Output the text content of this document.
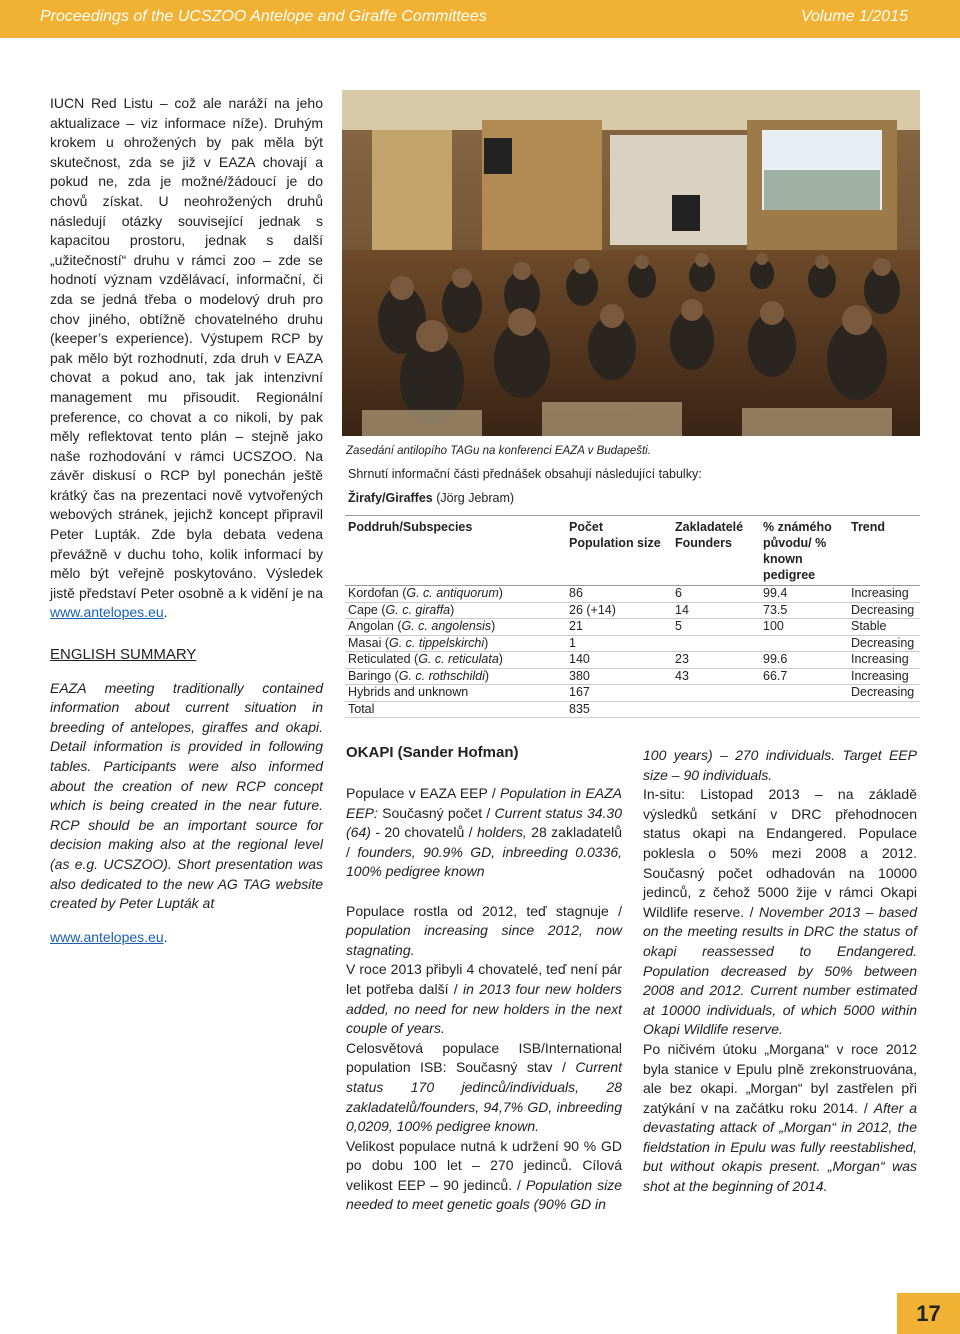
Proceedings of the UCSZOO Antelope and Giraffe Committees	Volume 1/2015

IUCN Red Listu – což ale naráží na jeho aktualizace – viz informace níže). Druhým krokem u ohrožených by pak měla být skutečnost, zda se již v EAZA chovají a pokud ne, zda je možné/žádoucí je do chovů získat. U neohrožených druhů následují otázky související jednak s kapacitou prostoru, jednak s další „užitečností“ druhu v rámci zoo – zde se hodnotí význam vzdělávací, informační, či zda se jedná třeba o modelový druh pro chov jiného, obtížně chovatelného druhu (keeper’s experience). Výstupem RCP by pak mělo být rozhodnutí, zda druh v EAZA chovat a pokud ano, tak jak intenzivní management mu přisoudit. Regionální preference, co chovat a co nikoli, by pak měly reflektovat tento plán – stejně jako naše rozhodování v rámci UCSZOO. Na závěr diskusí o RCP byl ponechán ještě krátký čas na prezentaci nově vytvořených webových stránek, jejichž koncept připravil Peter Lupták. Zde byla debata vedena převážně v duchu toho, kolik informací by mělo být veřejně poskytováno. Výsledek jistě představí Peter osobně a k vidění je na www.antelopes.eu.

ENGLISH SUMMARY

EAZA meeting traditionally contained information about current situation in breeding of antelopes, giraffes and okapi. Detail information is provided in following tables. Participants were also informed about the creation of new RCP concept which is being created in the near future. RCP should be an important source for decision making also at the regional level (as e.g. UCSZOO). Short presentation was also dedicated to the new AG TAG website created by Peter Lupták at

www.antelopes.eu.

Zasedání antilopího TAGu na konferenci EAZA v Budapešti.
Shrnutí informační části přednášek obsahují následující tabulky:
Žirafy/Giraffes (Jörg Jebram)
Poddruh/Subspecies	Počet Population size	Zakladatelé Founders	% známého původu/ % known pedigree	Trend
Kordofan (G. c. antiquorum)	86	6	99.4	Increasing
Cape (G. c. giraffa)	26 (+14)	14	73.5	Decreasing
Angolan (G. c. angolensis)	21	5	100	Stable
Masai (G. c. tippelskirchi)	1			Decreasing
Reticulated (G. c. reticulata)	140	23	99.6	Increasing
Baringo (G. c. rothschildi)	380	43	66.7	Increasing
Hybrids and unknown	167			Decreasing
Total	835			
OKAPI (Sander Hofman)

Populace v EAZA EEP / Population in EAZA EEP: Současný počet / Current status 34.30 (64) - 20 chovatelů / holders, 28 zakladatelů / founders, 90.9% GD, inbreeding 0.0336, 100% pedigree known

Populace rostla od 2012, teď stagnuje / population increasing since 2012, now stagnating.

V roce 2013 přibyli 4 chovatelé, teď není pár let potřeba další / in 2013 four new holders added, no need for new holders in the next couple of years.

Celosvětová populace ISB/International population ISB: Současný stav / Current status 170 jedinců/individuals, 28 zakladatelů/founders, 94,7% GD, inbreeding 0,0209, 100% pedigree known.

Velikost populace nutná k udržení 90 % GD po dobu 100 let – 270 jedinců. Cílová velikost EEP – 90 jedinců. / Population size needed to meet genetic goals (90% GD in

100 years) – 270 individuals. Target EEP size – 90 individuals.

In-situ: Listopad 2013 – na základě výsledků setkání v DRC přehodnocen status okapi na Endangered. Populace poklesla o 50% mezi 2008 a 2012. Současný počet odhadován na 10000 jedinců, z čehož 5000 žije v rámci Okapi Wildlife reserve. / November 2013 – based on the meeting results in DRC the status of okapi reassessed to Endangered. Population decreased by 50% between 2008 and 2012. Current number estimated at 10000 individuals, of which 5000 within Okapi Wildlife reserve.

Po ničivém útoku „Morgana“ v roce 2012 byla stanice v Epulu plně zrekonstruována, ale bez okapi. „Morgan“ byl zastřelen při zatýkání v na začátku roku 2014. / After a devastating attack of „Morgan“ in 2012, the fieldstation in Epulu was fully reestablished, but without okapis present. „Morgan“ was shot at the beginning of 2014.

17
